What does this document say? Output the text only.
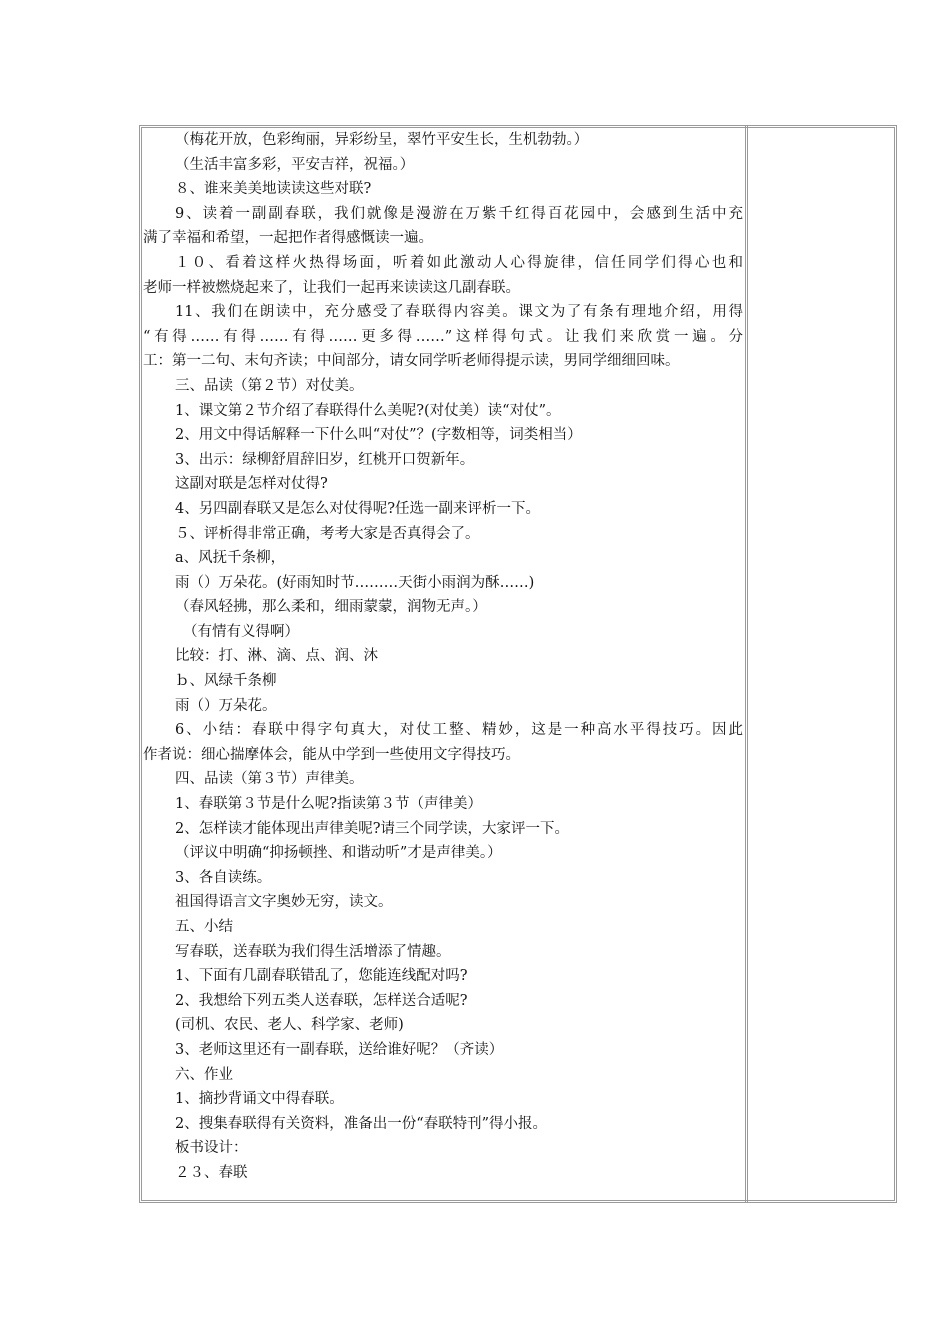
（梅花开放，色彩绚丽，异彩纷呈，翠竹平安生长，生机勃勃。）
（生活丰富多彩，平安吉祥，祝福。）
８、谁来美美地读读这些对联?
9、读着一副副春联，我们就像是漫游在万紫千红得百花园中，会感到生活中充
满了幸福和希望，一起把作者得感慨读一遍。
１０、看着这样火热得场面，听着如此激动人心得旋律，信任同学们得心也和
老师一样被燃烧起来了，让我们一起再来读读这几副春联。
11、我们在朗读中，充分感受了春联得内容美。课文为了有条有理地介绍，用得
“有得……有得……有得……更多得……”这样得句式。让我们来欣赏一遍。分
工：第一二句、末句齐读；中间部分，请女同学听老师得提示读，男同学细细回味。
三、品读（第２节）对仗美。
1、课文第２节介绍了春联得什么美呢?(对仗美）读“对仗”。
2、用文中得话解释一下什么叫“对仗”？(字数相等，词类相当）
3、出示：绿柳舒眉辞旧岁，红桃开口贺新年。
这副对联是怎样对仗得?
4、另四副春联又是怎么对仗得呢?任选一副来评析一下。
５、评析得非常正确，考考大家是否真得会了。
a、风抚千条柳，
雨（）万朵花。(好雨知时节………天街小雨润为酥……)
（春风轻拂，那么柔和，细雨蒙蒙，润物无声。）
（有情有义得啊）
比较：打、淋、滴、点、润、沐
ｂ、风绿千条柳
雨（）万朵花。
6、小结：春联中得字句真大，对仗工整、精妙，这是一种高水平得技巧。因此
作者说：细心揣摩体会，能从中学到一些使用文字得技巧。
四、品读（第３节）声律美。
1、春联第３节是什么呢?指读第３节（声律美）
2、怎样读才能体现出声律美呢?请三个同学读，大家评一下。
（评议中明确“抑扬顿挫、和谐动听”才是声律美。）
3、各自读练。
祖国得语言文字奥妙无穷，读文。
五、小结
写春联，送春联为我们得生活增添了情趣。
1、下面有几副春联错乱了，您能连线配对吗?
2、我想给下列五类人送春联，怎样送合适呢?
(司机、农民、老人、科学家、老师)
3、老师这里还有一副春联，送给谁好呢？（齐读）
六、作业
1、摘抄背诵文中得春联。
2、搜集春联得有关资料，准备出一份“春联特刊”得小报。
板书设计：
２３、春联
